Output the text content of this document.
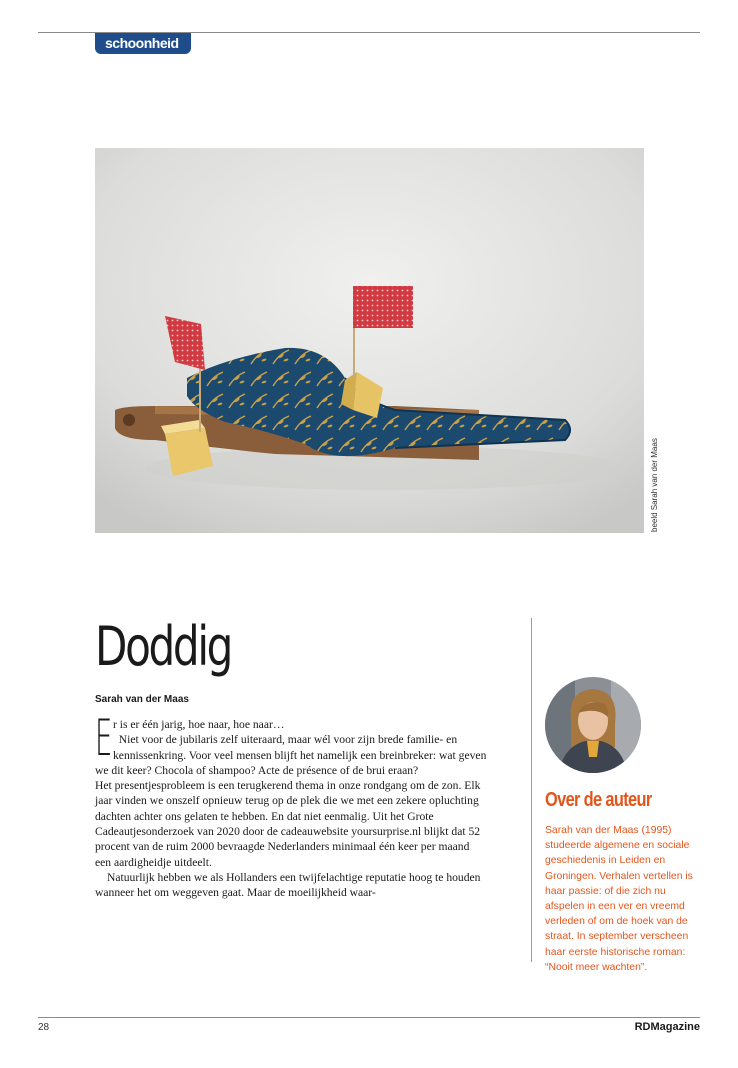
schoonheid
beeld Sarah van der Maas
Doddig
Sarah van der Maas

E r is er één jarig, hoe naar, hoe naar…
Niet voor de jubilaris zelf uiteraard, maar wél voor zijn brede familie- en kennissenkring. Voor veel mensen blijft het namelijk een breinbreker: wat geven we dit keer? Chocola of shampoo? Acte de présence of de brui eraan?

Het presentjesprobleem is een terugkerend thema in onze rondgang om de zon. Elk jaar vinden we onszelf opnieuw terug op de plek die we met een zekere opluchting dachten achter ons gelaten te hebben. En dat niet eenmalig. Uit het Grote Cadeautjesonderzoek van 2020 door de cadeauwebsite yoursurprise.nl blijkt dat 52 procent van de ruim 2000 bevraagde Nederlanders minimaal één keer per maand een aardigheidje uitdeelt.

Natuurlijk hebben we als Hollanders een twijfelachtige reputatie hoog te houden wanneer het om weggeven gaat. Maar de moeilijkheid waar-

Over de auteur
Sarah van der Maas (1995) studeerde algemene en sociale geschiedenis in Leiden en Groningen. Verhalen vertellen is haar passie: of die zich nu afspelen in een ver en vreemd verleden of om de hoek van de straat. In september verscheen haar eerste historische roman: “Nooit meer wachten”.
28	RDMagazine
